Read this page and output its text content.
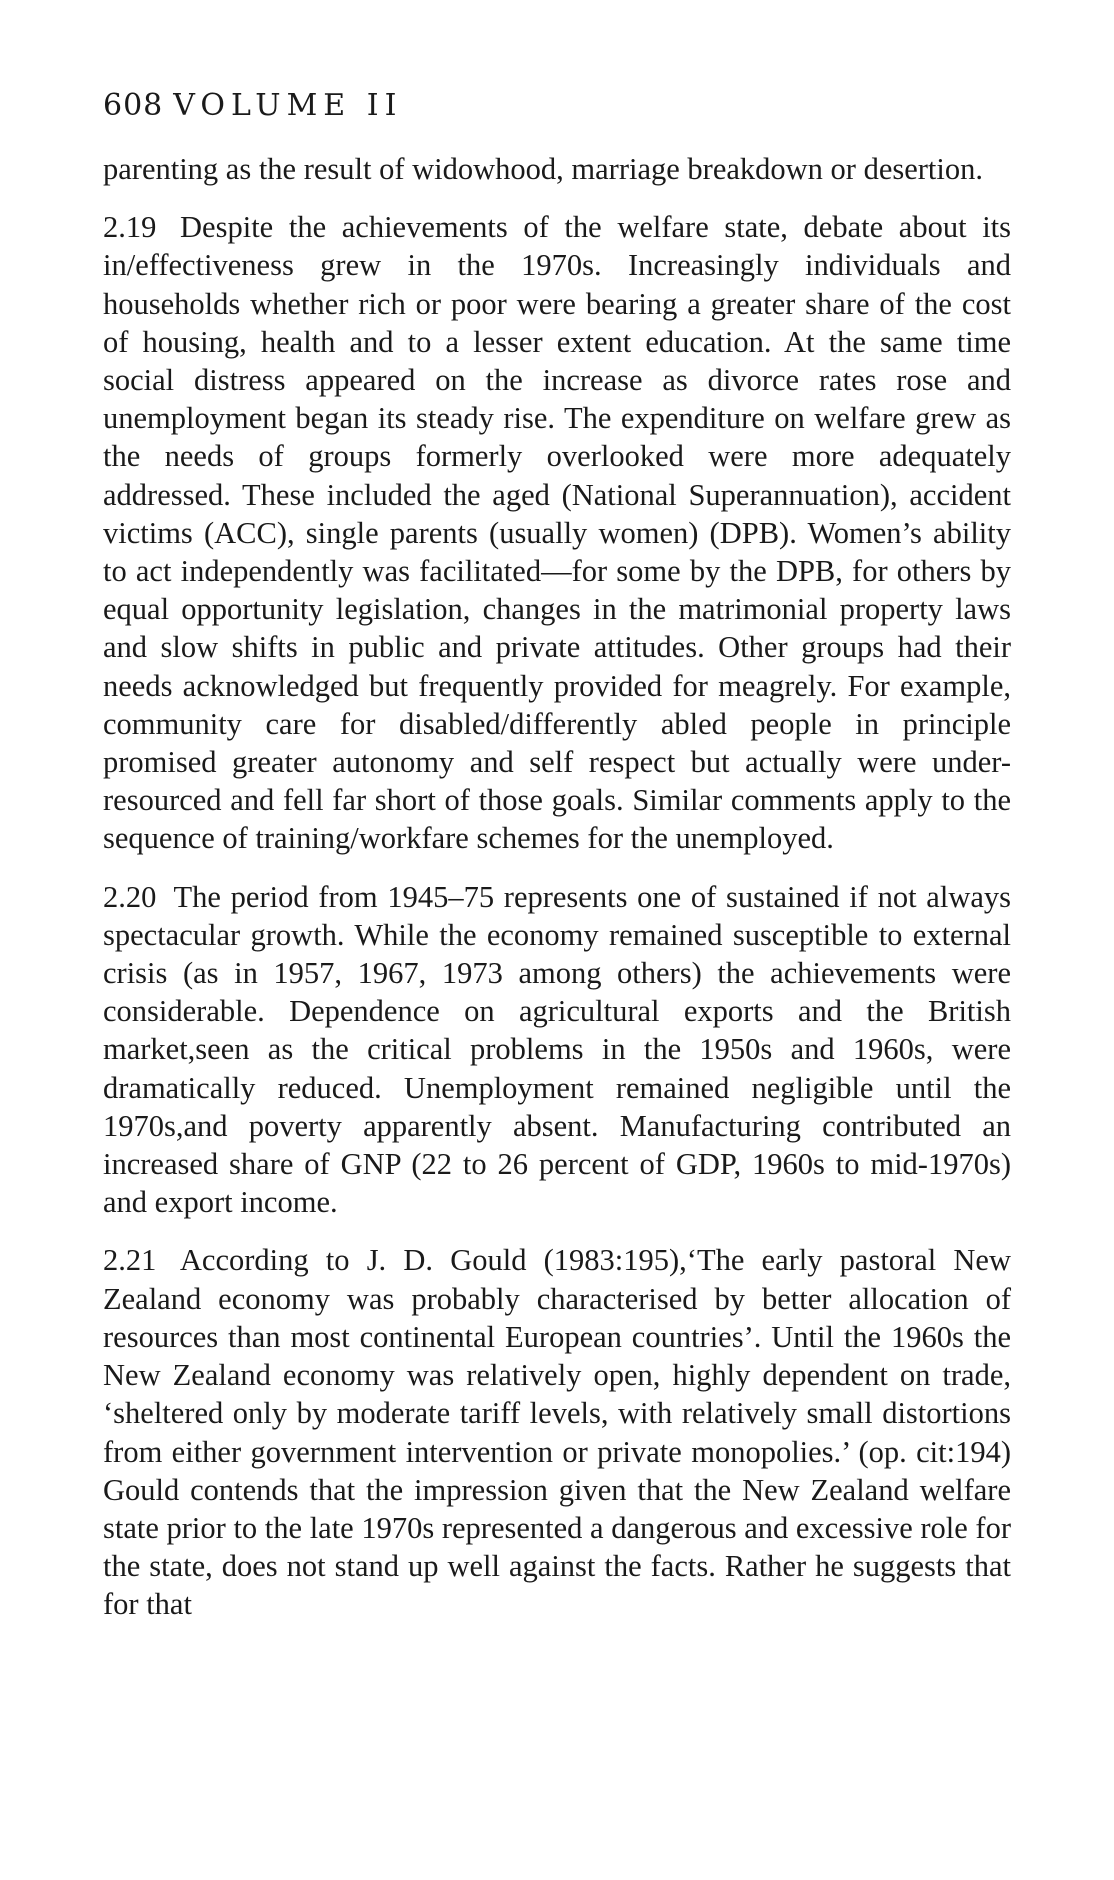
608 VOLUME II

parenting as the result of widowhood, marriage breakdown or desertion.

2.19 Despite the achievements of the welfare state, debate about its in/effectiveness grew in the 1970s. Increasingly individuals and households whether rich or poor were bearing a greater share of the cost of housing, health and to a lesser extent education. At the same time social distress appeared on the increase as divorce rates rose and unemployment began its steady rise. The expenditure on welfare grew as the needs of groups formerly overlooked were more adequately addressed. These included the aged (National Superannuation), accident victims (ACC), single parents (usually women) (DPB). Women’s ability to act independently was facilitated—for some by the DPB, for others by equal opportunity legislation, changes in the matrimonial property laws and slow shifts in public and private attitudes. Other groups had their needs acknowledged but frequently provided for meagrely. For example, community care for disabled/differently abled people in principle promised greater autonomy and self respect but actually were under-resourced and fell far short of those goals. Similar comments apply to the sequence of training/workfare schemes for the unemployed.

2.20 The period from 1945–75 represents one of sustained if not always spectacular growth. While the economy remained susceptible to external crisis (as in 1957, 1967, 1973 among others) the achievements were considerable. Dependence on agricultural exports and the British market,seen as the critical problems in the 1950s and 1960s, were dramatically reduced. Unemployment remained negligible until the 1970s,and poverty apparently absent. Manufacturing contributed an increased share of GNP (22 to 26 percent of GDP, 1960s to mid-1970s) and export income.

2.21 According to J. D. Gould (1983:195),‘The early pastoral New Zealand economy was probably characterised by better allocation of resources than most continental European countries’. Until the 1960s the New Zealand economy was relatively open, highly dependent on trade, ‘sheltered only by moderate tariff levels, with relatively small distortions from either government intervention or private monopolies.’ (op. cit:194) Gould contends that the impression given that the New Zealand welfare state prior to the late 1970s represented a dangerous and excessive role for the state, does not stand up well against the facts. Rather he suggests that for that
